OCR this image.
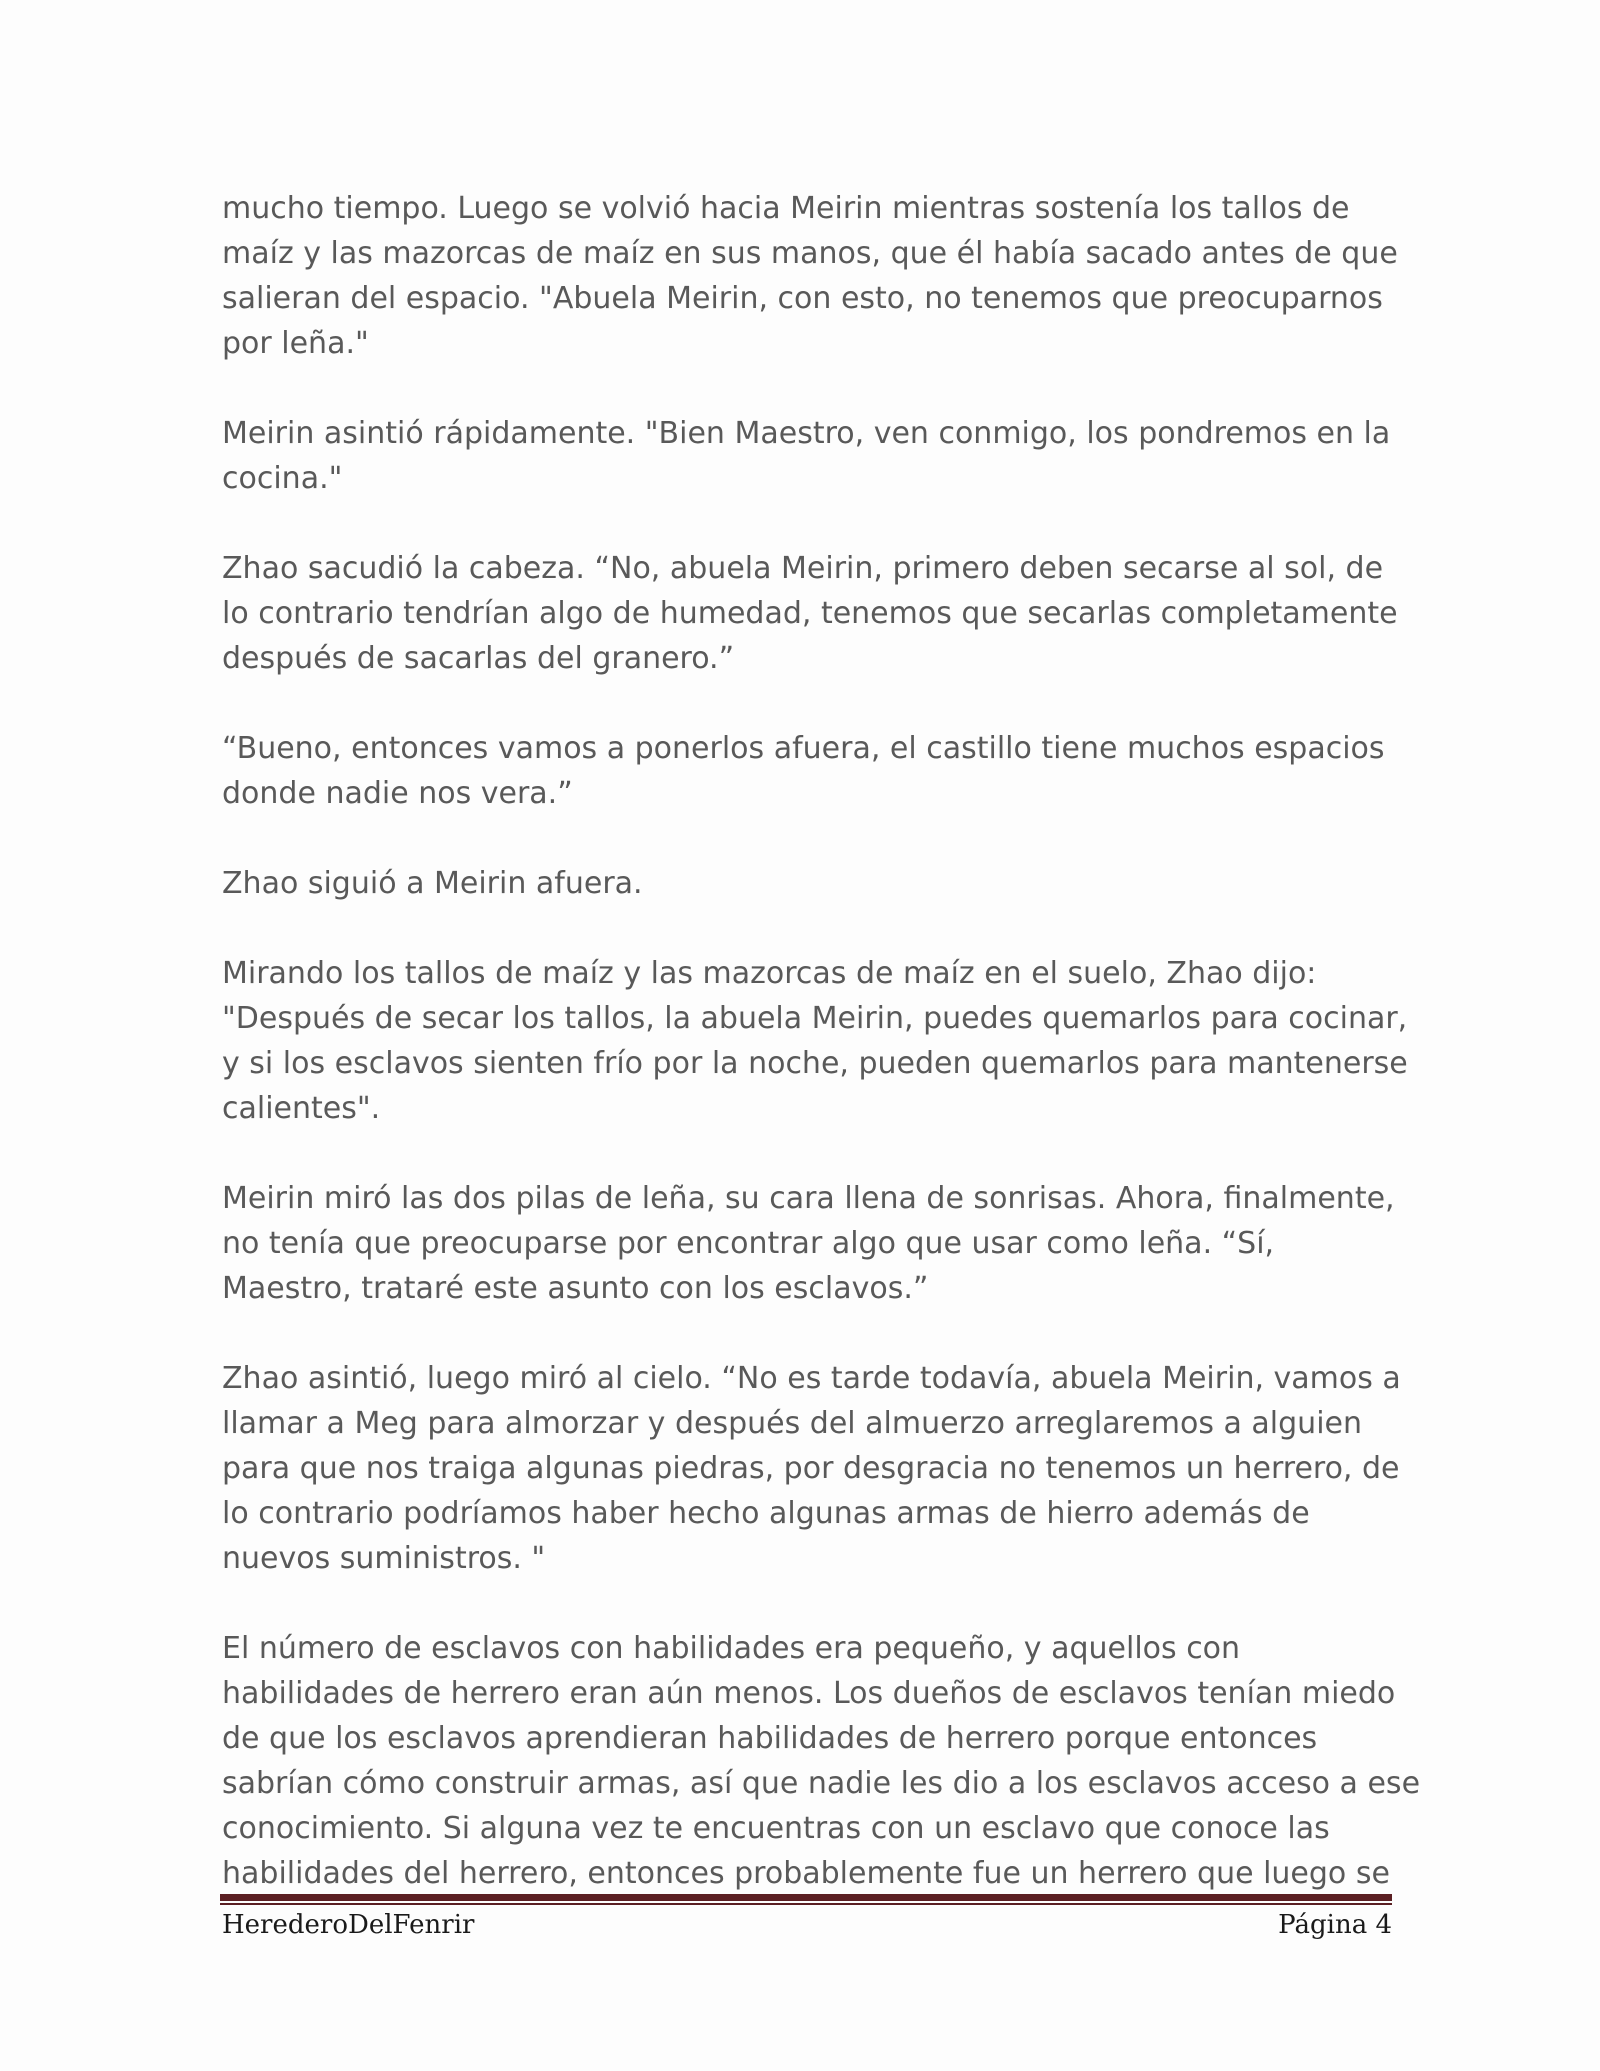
mucho tiempo. Luego se volvió hacia Meirin mientras sostenía los tallos de
maíz y las mazorcas de maíz en sus manos, que él había sacado antes de que
salieran del espacio. "Abuela Meirin, con esto, no tenemos que preocuparnos
por leña."

Meirin asintió rápidamente. "Bien Maestro, ven conmigo, los pondremos en la
cocina."

Zhao sacudió la cabeza. “No, abuela Meirin, primero deben secarse al sol, de
lo contrario tendrían algo de humedad, tenemos que secarlas completamente
después de sacarlas del granero.”

“Bueno, entonces vamos a ponerlos afuera, el castillo tiene muchos espacios
donde nadie nos vera.”

Zhao siguió a Meirin afuera.

Mirando los tallos de maíz y las mazorcas de maíz en el suelo, Zhao dijo:
"Después de secar los tallos, la abuela Meirin, puedes quemarlos para cocinar,
y si los esclavos sienten frío por la noche, pueden quemarlos para mantenerse
calientes".

Meirin miró las dos pilas de leña, su cara llena de sonrisas. Ahora, finalmente,
no tenía que preocuparse por encontrar algo que usar como leña. “Sí,
Maestro, trataré este asunto con los esclavos.”

Zhao asintió, luego miró al cielo. “No es tarde todavía, abuela Meirin, vamos a
llamar a Meg para almorzar y después del almuerzo arreglaremos a alguien
para que nos traiga algunas piedras, por desgracia no tenemos un herrero, de
lo contrario podríamos haber hecho algunas armas de hierro además de
nuevos suministros. "

El número de esclavos con habilidades era pequeño, y aquellos con
habilidades de herrero eran aún menos. Los dueños de esclavos tenían miedo
de que los esclavos aprendieran habilidades de herrero porque entonces
sabrían cómo construir armas, así que nadie les dio a los esclavos acceso a ese
conocimiento. Si alguna vez te encuentras con un esclavo que conoce las
habilidades del herrero, entonces probablemente fue un herrero que luego se

HerederoDelFenrir	Página 4
